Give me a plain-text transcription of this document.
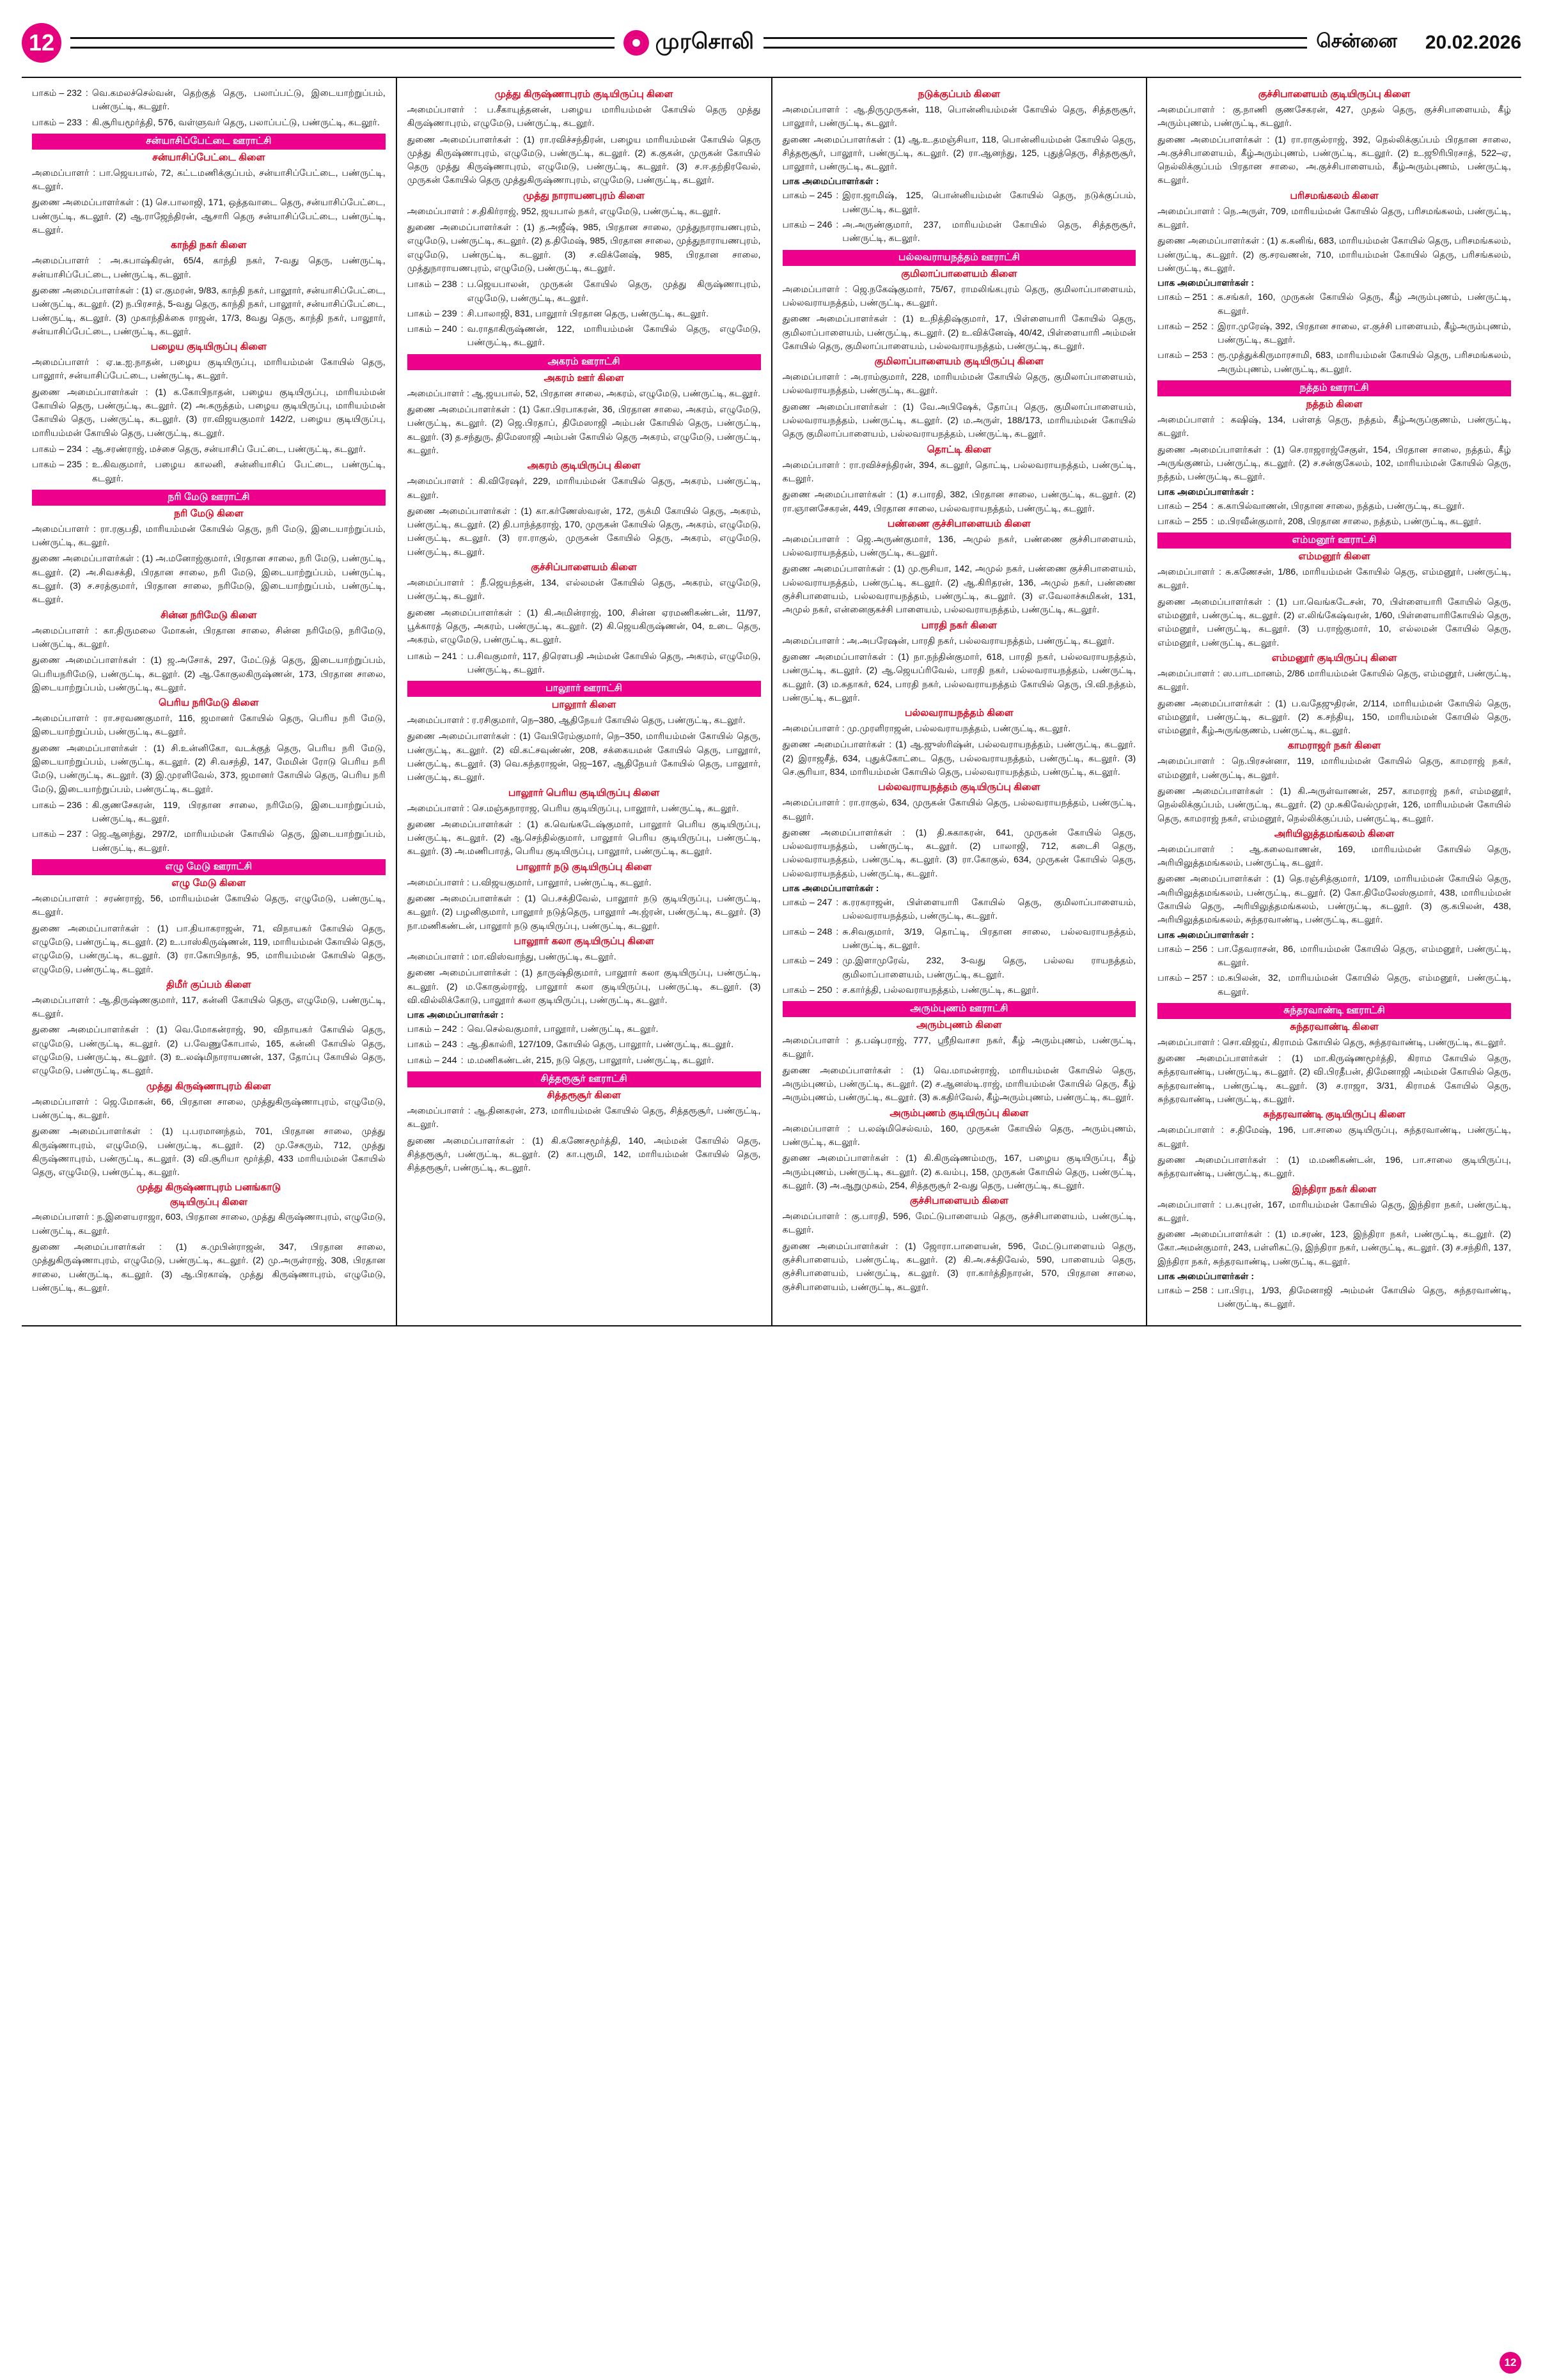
12	முரசொலி	சென்னை 20.02.2026
பாகம் – 232 : வெ.கமலச்செல்வன், தெற்குத் தெரு, பலாப்பட்டு, இடையாற்றுப்பம், பண்ருட்டி, கடலூர்.
பாகம் – 233 : கி.சூரியமூர்த்தி, 576, வள்ளுவர் தெரு, பலாப்பட்டு, பண்ருட்டி, கடலூர்.
சன்யாசிப்பேட்டை ஊராட்சி
சன்யாசிப்பேட்டை கிளை

அமைப்பாளர் : பா.ஜெயபால், 72, கட்டமணிக்குப்பம், சன்யாசிப்பேட்டை, பண்ருட்டி, கடலூர்.

துணை அமைப்பாளர்கள் : (1) செ.பாலாஜி, 171, ஒத்தவாடை தெரு, சன்யாசிப்பேட்டை, பண்ருட்டி, கடலூர். (2) ஆ.ராஜேந்திரன், ஆசாரி தெரு சன்யாசிப்பேட்டை, பண்ருட்டி, கடலூர்.

காந்தி நகர் கிளை

அமைப்பாளர் : அ.சுபாஷ்கிரன், 65/4, காந்தி நகர், 7-வது தெரு, பண்ருட்டி, சன்யாசிப்பேட்டை, பண்ருட்டி, கடலூர்.

துணை அமைப்பாளர்கள் : (1) எ.குமரன், 9/83, காந்தி நகர், பாலூார், சன்யாசிப்பேட்டை, பண்ருட்டி, கடலூர். (2) ந.பிரசாத், 5-வது தெரு, காந்தி நகர், பாலூார், சன்யாசிப்பேட்டை, பண்ருட்டி, கடலூர். (3) முகாந்திக்கை ராஜன், 17/3, 8வது தெரு, காந்தி நகர், பாலூார், சன்யாசிப்பேட்டை, பண்ருட்டி, கடலூர்.

பழைய குடியிருப்பு கிளை

அமைப்பாளர் : ஏ.டீ.ஐ.நாதன், பழைய குடியிருப்பு, மாரியம்மன் கோயில் தெரு, பாலூார், சன்யாசிப்பேட்டை, பண்ருட்டி, கடலூர்.

துணை அமைப்பாளர்கள் : (1) க.கோபிநாதன், பழைய குடியிருப்பு, மாரியம்மன் கோயில் தெரு, பண்ருட்டி, கடலூர். (2) அ.கருத்தம், பழைய குடியிருப்பு, மாரியம்மன் கோயில் தெரு, பண்ருட்டி, கடலூர். (3) ரா.விஜயகுமார் 142/2, பழைய குடியிருப்பு, மாரியம்மன் கோயில் தெரு, பண்ருட்டி, கடலூர்.

பாகம் – 234 : ஆ.சரண்ராஜ், மச்சை தெரு, சன்யாசிப் பேட்டை, பண்ருட்டி, கடலூர்.
பாகம் – 235 : உ.கிவகுமார், பழைய காலனி, சன்னியாசிப் பேட்டை, பண்ருட்டி, கடலூர்.
நரி மேடு ஊராட்சி
நரி மேடு கிளை

அமைப்பாளர் : ரா.ரகுபதி, மாரியம்மன் கோயில் தெரு, நரி மேடு, இடையாற்றுப்பம், பண்ருட்டி, கடலூர்.

துணை அமைப்பாளர்கள் : (1) அ.மனோஜ்குமார், பிரதான சாலை, நரி மேடு, பண்ருட்டி, கடலூர். (2) அ.சிவசக்தி, பிரதான சாலை, நரி மேடு, இடையாற்றுப்பம், பண்ருட்டி, கடலூர். (3) ச.சரத்குமார், பிரதான சாலை, நரிமேடு, இடையாற்றுப்பம், பண்ருட்டி, கடலூர்.

சின்ன நரிமேடு கிளை

அமைப்பாளர் : கா.திருமலை மோகன், பிரதான சாலை, சின்ன நரிமேடு, நரிமேடு, பண்ருட்டி, கடலூர்.

துணை அமைப்பாளர்கள் : (1) ஜ.அசோக், 297, மேட்டுத் தெரு, இடையாற்றுப்பம், பெரியநரிமேடு, பண்ருட்டி, கடலூர். (2) ஆ.கோகுலகிருஷ்ணன், 173, பிரதான சாலை, இடையாற்றுப்பம், பண்ருட்டி, கடலூர்.

பெரிய நரிமேடு கிளை

அமைப்பாளர் : ரா.சரவணகுமார், 116, ஜமானர் கோயில் தெரு, பெரிய நரி மேடு, இடையாற்றுப்பம், பண்ருட்டி, கடலூர்.

துணை அமைப்பாளர்கள் : (1) சி.உன்னிகோ, வடக்குத் தெரு, பெரிய நரி மேடு, இடையாற்றுப்பம், பண்ருட்டி, கடலூர். (2) சி.வசந்தி, 147, மேமின் ரோடு பெரிய நரி மேடு, பண்ருட்டி, கடலூர். (3) இ.முரளிவேல், 373, ஜமானர் கோயில் தெரு, பெரிய நரி மேடு, இடையாற்றுப்பம், பண்ருட்டி, கடலூர்.

பாகம் – 236 : கி.குணசேகரன், 119, பிரதான சாலை, நரிமேடு, இடையாற்றுப்பம், பண்ருட்டி, கடலூர்.
பாகம் – 237 : ஜெ.ஆனந்து, 297/2, மாரியம்மன் கோயில் தெரு, இடையாற்றுப்பம், பண்ருட்டி, கடலூர்.
எழு மேடு ஊராட்சி
எழு மேடு கிளை

அமைப்பாளர் : சரண்ராஜ், 56, மாரியம்மன் கோயில் தெரு, எழுமேடு, பண்ருட்டி, கடலூர்.

துணை அமைப்பாளர்கள் : (1) பா.தியாகராஜன், 71, விநாயகர் கோயில் தெரு, எழுமேடு, பண்ருட்டி, கடலூர். (2) உ.பாஸ்கிருஷ்ணன், 119, மாரியம்மன் கோயில் தெரு, எழுமேடு, பண்ருட்டி, கடலூர். (3) ரா.கோபிநாத், 95, மாரியம்மன் கோயில் தெரு, எழுமேடு, பண்ருட்டி, கடலூர்.

திமீர் குப்பம் கிளை

அமைப்பாளர் : ஆ.திருஷ்ணகுமார், 117, கன்னி கோயில் தெரு, எழுமேடு, பண்ருட்டி, கடலூர்.

துணை அமைப்பாளர்கள் : (1) வெ.மோகன்ராஜ், 90, விநாயகர் கோயில் தெரு, எழுமேடு, பண்ருட்டி, கடலூர். (2) ப.வேணுகோபால், 165, கன்னி கோயில் தெரு, எழுமேடு, பண்ருட்டி, கடலூர். (3) உ.லஷ்மிநாராயணன், 137, தோப்பு கோயில் தெரு, எழுமேடு, பண்ருட்டி, கடலூர்.

முத்து கிருஷ்ணாபுரம் கிளை

அமைப்பாளர் : ஜெ.மோகன், 66, பிரதான சாலை, முத்துகிருஷ்ணாபுரம், எழுமேடு, பண்ருட்டி, கடலூர்.

துணை அமைப்பாளர்கள் : (1) பு.பரமானந்தம், 701, பிரதான சாலை, முத்து கிருஷ்ணாபுரம், எழுமேடு, பண்ருட்டி, கடலூர். (2) மு.சேகரும், 712, முத்து கிருஷ்ணாபுரம், பண்ருட்டி, கடலூர். (3) வி.சூரியா மூர்த்தி, 433 மாரியம்மன் கோயில் தெரு, எழுமேடு, பண்ருட்டி, கடலூர்.

முத்து கிருஷ்ணாபுரம் பனங்காடு
குடியிருப்பு கிளை

அமைப்பாளர் : ந.இளையராஜா, 603, பிரதான சாலை, முத்து கிருஷ்ணாபுரம், எழுமேடு, பண்ருட்டி, கடலூர்.

துணை அமைப்பாளர்கள் : (1) சு.முபின்ராஜன், 347, பிரதான சாலை, முத்துகிருஷ்ணாபுரம், எழுமேடு, பண்ருட்டி, கடலூர். (2) மு.அருள்ராஜ், 308, பிரதான சாலை, பண்ருட்டி, கடலூர். (3) ஆ.பிரகாஷ், முத்து கிருஷ்ணாபுரம், எழுமேடு, பண்ருட்டி, கடலூர்.

முத்து கிருஷ்ணாபுரம் குடியிருப்பு கிளை

அமைப்பாளர் : ப.சீகாயுத்தனன், பழைய மாரியம்மன் கோயில் தெரு முத்து கிருஷ்ணாபுரம், எழுமேடு, பண்ருட்டி, கடலூர்.

துணை அமைப்பாளர்கள் : (1) ரா.ரவிச்சந்திரன், பழைய மாரியம்மன் கோயில் தெரு முத்து கிருஷ்ணாபுரம், எழுமேடு, பண்ருட்டி, கடலூர். (2) க.குகன், முருகன் கோயில் தெரு முத்து கிருஷ்ணாபுரம், எழுமேடு, பண்ருட்டி, கடலூர். (3) ச.ஈ.தற்திரவேல், முருகன் கோயில் தெரு முத்துகிருஷ்ணாபுரம், எழுமேடு, பண்ருட்டி, கடலூர்.

முத்து நாராயணபுரம் கிளை

அமைப்பாளர் : ச.திகிர்ராஜ், 952, ஜயபால் நகர், எழுமேடு, பண்ருட்டி, கடலூர்.

துணை அமைப்பாளர்கள் : (1) த.அஜீஷ், 985, பிரதான சாலை, முத்துநாராயணபுரம், எழுமேடு, பண்ருட்டி, கடலூர். (2) த.திமேஷ், 985, பிரதான சாலை, முத்துநாராயணபுரம், எழுமேடு, பண்ருட்டி, கடலூர். (3) ச.விக்னேஷ், 985, பிரதான சாலை, முத்துநாராயணபுரம், எழுமேடு, பண்ருட்டி, கடலூர்.

பாகம் – 238 : ப.ஜெயபாலன், முருகன் கோயில் தெரு, முத்து கிருஷ்ணாபுரம், எழுமேடு, பண்ருட்டி, கடலூர்.
பாகம் – 239 : சி.பாலாஜி, 831, பாலூார் பிரதான தெரு, பண்ருட்டி, கடலூர்.
பாகம் – 240 : வ.ராதாகிருஷ்ணன், 122, மாரியம்மன் கோயில் தெரு, எழுமேடு, பண்ருட்டி, கடலூர்.
அகரம் ஊராட்சி
அகரம் ஊர் கிளை

அமைப்பாளர் : ஆ.ஜயபால், 52, பிரதான சாலை, அகரம், எழுமேடு, பண்ருட்டி, கடலூர்.

துணை அமைப்பாளர்கள் : (1) கோ.பிரபாகரன், 36, பிரதான சாலை, அகரம், எழுமேடு, பண்ருட்டி, கடலூர். (2) ஜெ.பிரதாப், திமேஸாஜி அம்பன் கோயில் தெரு, பண்ருட்டி, கடலூர். (3) த.சந்துரு, திமேஸாஜி அம்பன் கோயில் தெரு அகரம், எழுமேடு, பண்ருட்டி, கடலூர்.

அகரம் குடியிருப்பு கிளை

அமைப்பாளர் : கி.விரேஷர், 229, மாரியம்மன் கோயில் தெரு, அகரம், பண்ருட்டி, கடலூர்.

துணை அமைப்பாளர்கள் : (1) கா.கர்ணேஸ்வரன், 172, ருக்மி கோயில் தெரு, அகரம், பண்ருட்டி, கடலூர். (2) தி.பாந்த்தராஜ், 170, முருகன் கோயில் தெரு, அகரம், எழுமேடு, பண்ருட்டி, கடலூர். (3) ரா.ராகுல், முருகன் கோயில் தெரு, அகரம், எழுமேடு, பண்ருட்டி, கடலூர்.

குச்சிப்பாளையம் கிளை

அமைப்பாளர் : நீ.ஜெயந்தன், 134, எல்லமன் கோயில் தெரு, அகரம், எழுமேடு, பண்ருட்டி, கடலூர்.

துணை அமைப்பாளர்கள் : (1) கி.அமின்ராஜ், 100, சின்ன ஏரமணிகண்டன், 11/97, பூக்காரத் தெரு, அகரம், பண்ருட்டி, கடலூர். (2) கி.ஜெயகிருஷ்ணன், 04, உடை தெரு, அகரம், எழுமேடு, பண்ருட்டி, கடலூர்.

பாகம் – 241 : ப.சிவகுமார், 117, திரௌபதி அம்மன் கோயில் தெரு, அகரம், எழுமேடு, பண்ருட்டி, கடலூர்.
பாலூார் ஊராட்சி
பாலூார் கிளை

அமைப்பாளர் : ர.ரசிகுமார், நெ–380, ஆதிநேயர் கோயில் தெரு, பண்ருட்டி, கடலூர்.

துணை அமைப்பாளர்கள் : (1) வேபிரேம்குமார், நெ–350, மாரியம்மன் கோயில் தெரு, பண்ருட்டி, கடலூர். (2) வி.கட்சவுண்ண், 208, சக்கையமன் கோயில் தெரு, பாலூார், பண்ருட்டி, கடலூர். (3) வெ.கந்தராஜன், ஜெ–167, ஆதிநேயர் கோயில் தெரு, பாலூார், பண்ருட்டி, கடலூர்.

பாலூார் பெரிய குடியிருப்பு கிளை

அமைப்பாளர் : செ.மஞ்சுநாராஜ, பெரிய குடியிருப்பு, பாலூார், பண்ருட்டி, கடலூர்.

துணை அமைப்பாளர்கள் : (1) க.வெங்கடேஷ்குமார், பாலூார் பெரிய குடியிருப்பு, பண்ருட்டி, கடலூர். (2) ஆ.செந்தில்குமார், பாலூார் பெரிய குடியிருப்பு, பண்ருட்டி, கடலூர். (3) அ.மணிபாரத், பெரிய குடியிருப்பு, பாலூார், பண்ருட்டி, கடலூர்.

பாலூார் நடு குடியிருப்பு கிளை

அமைப்பாளர் : ப.விஜயகுமார், பாலூார், பண்ருட்டி, கடலூர்.

துணை அமைப்பாளர்கள் : (1) பெ.சக்திவேல், பாலூார் நடு குடியிருப்பு, பண்ருட்டி, கடலூர். (2) பழனிகுமார், பாலூார் நடுத்தெரு, பாலூார் அ.ஜ்ரன், பண்ருட்டி, கடலூர். (3) நா.மணிகண்டன், பாலூார் நடு குடியிருப்பு, பண்ருட்டி, கடலூர்.

பாலூார் கலா குடியிருப்பு கிளை

அமைப்பாளர் : மா.விஸ்வாந்து, பண்ருட்டி, கடலூர்.

துணை அமைப்பாளர்கள் : (1) தாருஷ்திகுமார், பாலூார் கலா குடியிருப்பு, பண்ருட்டி, கடலூர். (2) ம.கோகுல்ராஜ், பாலூார் கலா குடியிருப்பு, பண்ருட்டி, கடலூர். (3) வி.வில்லிக்கோடு, பாலூார் கலா குடியிருப்பு, பண்ருட்டி, கடலூர்.

பாக அமைப்பாளர்கள் :
பாகம் – 242 : வெ.செல்வகுமார், பாலூார், பண்ருட்டி, கடலூர்.
பாகம் – 243 : ஆ.திகால்ரி, 127/109, கோயில் தெரு, பாலூார், பண்ருட்டி, கடலூர்.
பாகம் – 244 : ம.மணிகண்டன், 215, நடு தெரு, பாலூார், பண்ருட்டி, கடலூர்.
சித்தரூசூர் ஊராட்சி
சித்தரூசூர் கிளை

அமைப்பாளர் : ஆ.தினகரன், 273, மாரியம்மன் கோயில் தெரு, சித்தரூசூர், பண்ருட்டி, கடலூர்.

துணை அமைப்பாளர்கள் : (1) கி.கணேசமூர்த்தி, 140, அம்மன் கோயில் தெரு, சித்தரூசூர், பண்ருட்டி, கடலூர். (2) கா.புரூமி, 142, மாரியம்மன் கோயில் தெரு, சித்தரூசூர், பண்ருட்டி, கடலூர்.

நடுக்குப்பம் கிளை

அமைப்பாளர் : ஆ.திருமுருகன், 118, பொன்னியம்மன் கோயில் தெரு, சித்தரூசூர், பாலூார், பண்ருட்டி, கடலூர்.

துணை அமைப்பாளர்கள் : (1) ஆ.உ.தமஞ்சியா, 118, பொன்னியம்மன் கோயில் தெரு, சித்தரூசூர், பாலூார், பண்ருட்டி, கடலூர். (2) ரா.ஆனந்து, 125, புதுத்தெரு, சித்தரூசூர், பாலூார், பண்ருட்டி, கடலூர்.

பாக அமைப்பாளர்கள் :
பாகம் – 245 : இரா.ஜாமிஷ், 125, பொன்னியம்மன் கோயில் தெரு, நடுக்குப்பம், பண்ருட்டி, கடலூர்.
பாகம் – 246 : அ.அருண்குமார், 237, மாரியம்மன் கோயில் தெரு, சித்தரூசூர், பண்ருட்டி, கடலூர்.
பல்லவராயநத்தம் ஊராட்சி
குமிலாப்பாளையம் கிளை

அமைப்பாளர் : ஜெ.நகேஷ்குமார், 75/67, ராமலிங்கபுரம் தெரு, குமிலாப்பாளையம், பல்லவராயநத்தம், பண்ருட்டி, கடலூர்.

துணை அமைப்பாளர்கள் : (1) உ.நித்திஷ்குமார், 17, பிள்ளையாரி கோயில் தெரு, குமிலாப்பாளையம், பண்ருட்டி, கடலூர். (2) உ.விக்னேஷ், 40/42, பிள்ளையாரி அம்மன் கோயில் தெரு, குமிலாப்பாளையம், பல்லவராயநத்தம், பண்ருட்டி, கடலூர்.

குமிலாப்பாளையம் குடியிருப்பு கிளை

அமைப்பாளர் : அ.ராம்குமார், 228, மாரியம்மன் கோயில் தெரு, குமிலாப்பாளையம், பல்லவராயநத்தம், பண்ருட்டி, கடலூர்.

துணை அமைப்பாளர்கள் : (1) வே.அபிஷேக், தோப்பு தெரு, குமிலாப்பாளையம், பல்லவராயநத்தம், பண்ருட்டி, கடலூர். (2) ம.அருள், 188/173, மாரியம்மன் கோயில் தெரு குமிலாப்பாளையம், பல்லவராயநத்தம், பண்ருட்டி, கடலூர்.

தொட்டி கிளை

அமைப்பாளர் : ரா.ரவிச்சந்திரன், 394, கடலூர், தொட்டி, பல்லவராயநத்தம், பண்ருட்டி, கடலூர்.

துணை அமைப்பாளர்கள் : (1) ச.பாரதி, 382, பிரதான சாலை, பண்ருட்டி, கடலூர். (2) ரா.ஞானசேகரன், 449, பிரதான சாலை, பல்லவராயநத்தம், பண்ருட்டி, கடலூர்.

பண்ணை குச்சிபாளையம் கிளை

அமைப்பாளர் : ஜெ.அருண்குமார், 136, அமுல் நகர், பண்ணை குச்சிபாளையம், பல்லவராயநத்தம், பண்ருட்டி, கடலூர்.

துணை அமைப்பாளர்கள் : (1) மு.ரூசியா, 142, அமுல் நகர், பண்ணை குச்சிபாளையம், பல்லவராயநத்தம், பண்ருட்டி, கடலூர். (2) ஆ.கிரிதரன், 136, அமுல் நகர், பண்ணை குச்சிபாளையம், பல்லவராயநத்தம், பண்ருட்டி, கடலூர். (3) எ.வேலாச்சுமிகன், 131, அமுல் நகர், என்னைகுகச்சி பாளையம், பல்லவராயநத்தம், பண்ருட்டி, கடலூர்.

பாரதி நகர் கிளை

அமைப்பாளர் : அ.அபரேஷன், பாரதி நகர், பல்லவராயநத்தம், பண்ருட்டி, கடலூர்.

துணை அமைப்பாளர்கள் : (1) நா.நந்தின்குமார், 618, பாரதி நகர், பல்லவராயநத்தம், பண்ருட்டி, கடலூர். (2) ஆ.ஜெயப்ரிவேல், பாரதி நகர், பல்லவராயநத்தம், பண்ருட்டி, கடலூர். (3) ம.சுதாகர், 624, பாரதி நகர், பல்லவராயநத்தம் கோயில் தெரு, பி.வி.நத்தம், பண்ருட்டி, கடலூர்.

பல்லவராயநத்தம் கிளை

அமைப்பாளர் : மு.முரளிராஜன், பல்லவராயநத்தம், பண்ருட்டி, கடலூர்.

துணை அமைப்பாளர்கள் : (1) ஆ.ஜுஸ்ரிஷ்ன், பல்லவராயநத்தம், பண்ருட்டி, கடலூர். (2) இராஜசீத், 634, புதுக்கோட்டை தெரு, பல்லவராயநத்தம், பண்ருட்டி, கடலூர். (3) செ.சூரியா, 834, மாரியம்மன் கோயில் தெரு, பல்லவராயநத்தம், பண்ருட்டி, கடலூர்.

பல்லவராயநத்தம் குடியிருப்பு கிளை

அமைப்பாளர் : ரா.ராகுல், 634, முருகன் கோயில் தெரு, பல்லவராயநத்தம், பண்ருட்டி, கடலூர்.

துணை அமைப்பாளர்கள் : (1) தி.சுகாகரன், 641, முருகன் கோயில் தெரு, பல்லவராயநத்தம், பண்ருட்டி, கடலூர். (2) பாலாஜி, 712, கடைசி தெரு, பல்லவராயநத்தம், பண்ருட்டி, கடலூர். (3) ரா.கோகுல், 634, முருகன் கோயில் தெரு, பல்லவராயநத்தம், பண்ருட்டி, கடலூர்.

பாக அமைப்பாளர்கள் :
பாகம் – 247 : க.ரரகராஜன், பிள்ளையாரி கோயில் தெரு, குமிலாப்பாளையம், பல்லவராயநத்தம், பண்ருட்டி, கடலூர்.
பாகம் – 248 : சு.சிவகுமார், 3/19, தொட்டி, பிரதான சாலை, பல்லவராயநத்தம், பண்ருட்டி, கடலூர்.
பாகம் – 249 : மு.இளாமுரேவ், 232, 3-வது தெரு, பல்லவ ராயநத்தம், குமிலாப்பாளையம், பண்ருட்டி, கடலூர்.
பாகம் – 250 : ச.கார்த்தி, பல்லவராயநத்தம், பண்ருட்டி, கடலூர்.
அரும்புணம் ஊராட்சி
அரும்புணம் கிளை

அமைப்பாளர் : த.பஷ்பராஜ், 777, ஸ்ரீநிவாசா நகர், கீழ் அரும்புணம், பண்ருட்டி, கடலூர்.

துணை அமைப்பாளர்கள் : (1) வெ.மாமன்ராஜ், மாரியம்மன் கோயில் தெரு, அரும்புணம், பண்ருட்டி, கடலூர். (2) ச.ஆனஸ்டி.ராஜ், மாரியம்மன் கோயில் தெரு, கீழ் அரும்புணம், பண்ருட்டி, கடலூர். (3) சு.கதிர்வேல், கீழ்அரும்புணம், பண்ருட்டி, கடலூர்.

அரும்புணம் குடியிருப்பு கிளை

அமைப்பாளர் : ப.லஷ்மிசெல்வம், 160, முருகன் கோயில் தெரு, அரும்புணம், பண்ருட்டி, கடலூர்.

துணை அமைப்பாளர்கள் : (1) கி.கிருஷ்ணம்மரு, 167, பழைய குடியிருப்பு, கீழ் அரும்புணம், பண்ருட்டி, கடலூர். (2) க.வம்பு, 158, முருகன் கோயில் தெரு, பண்ருட்டி, கடலூர். (3) அ.ஆறுமுகம், 254, சித்தரூசூர் 2-வது தெரு, பண்ருட்டி, கடலூர்.

குச்சிபாளையம் கிளை

அமைப்பாளர் : கு.பாரதி, 596, மேட்டுபாளையம் தெரு, குச்சிபாளையம், பண்ருட்டி, கடலூர்.

துணை அமைப்பாளர்கள் : (1) ஜோரா.பாளையன், 596, மேட்டுபாளையம் தெரு, குச்சிபாளையம், பண்ருட்டி, கடலூர். (2) கி.அ.சக்திவேல், 590, பாளையம் தெரு, குச்சிபாளையம், பண்ருட்டி, கடலூர். (3) ரா.கார்த்திநாரன், 570, பிரதான சாலை, குச்சிபாளையம், பண்ருட்டி, கடலூர்.

குச்சிபாளையம் குடியிருப்பு கிளை

அமைப்பாளர் : கு.நாணி குணசேகரன், 427, முதல் தெரு, குச்சிபாளையம், கீழ் அரும்புணம், பண்ருட்டி, கடலூர்.

துணை அமைப்பாளர்கள் : (1) ரா.ராகுல்ராஜ், 392, நெல்லிக்குப்பம் பிரதான சாலை, அ.குச்சிபாளையம், கீழ்அரும்புணம், பண்ருட்டி, கடலூர். (2) உ.ஜூரிபிரசாத், 522–ஏ, நெல்லிக்குப்பம் பிரதான சாலை, அ.குச்சிபாளையம், கீழ்அரும்புணம், பண்ருட்டி, கடலூர்.

பரிசமங்கலம் கிளை

அமைப்பாளர் : நெ.அருள், 709, மாரியம்மன் கோயில் தெரு, பரிசமங்கலம், பண்ருட்டி, கடலூர்.

துணை அமைப்பாளர்கள் : (1) க.கனிங், 683, மாரியம்மன் கோயில் தெரு, பரிசமங்கலம், பண்ருட்டி, கடலூர். (2) கு.சரவணன், 710, மாரியம்மன் கோயில் தெரு, பரிசங்கலம், பண்ருட்டி, கடலூர்.

பாக அமைப்பாளர்கள் :
பாகம் – 251 : க.சங்கர், 160, முருகன் கோயில் தெரு, கீழ் அரும்புணம், பண்ருட்டி, கடலூர்.
பாகம் – 252 : இரா.முரேஷ், 392, பிரதான சாலை, எ.குச்சி பாளையம், கீழ்அரும்புணம், பண்ருட்டி, கடலூர்.
பாகம் – 253 : ரூ.முத்துக்கிருமாரசாமி, 683, மாரியம்மன் கோயில் தெரு, பரிசமங்கலம், அரும்புணம், பண்ருட்டி, கடலூர்.
நத்தம் ஊராட்சி
நத்தம் கிளை

அமைப்பாளர் : கஷிஷ், 134, பள்ளத் தெரு, நத்தம், கீழ்அருப்குணம், பண்ருட்டி, கடலூர்.

துணை அமைப்பாளர்கள் : (1) செ.ராஜராஜ்சேகுள், 154, பிரதான சாலை, நத்தம், கீழ் அருங்குணம், பண்ருட்டி, கடலூர். (2) ச.சன்குகேலம், 102, மாரியம்மன் கோயில் தெரு, நத்தம், பண்ருட்டி, கடலூர்.

பாக அமைப்பாளர்கள் :
பாகம் – 254 : க.காபில்வாணன், பிரதான சாலை, நத்தம், பண்ருட்டி, கடலூர்.
பாகம் – 255 : ம.பிரவீன்குமார், 208, பிரதான சாலை, நத்தம், பண்ருட்டி, கடலூர்.
எம்மனூர் ஊராட்சி
எம்மனூர் கிளை

அமைப்பாளர் : சு.கணேசன், 1/86, மாரியம்மன் கோயில் தெரு, எம்மனூர், பண்ருட்டி, கடலூர்.

துணை அமைப்பாளர்கள் : (1) பா.வெங்கடேசன், 70, பிள்ளையாரி கோயில் தெரு, எம்மனூர், பண்ருட்டி, கடலூர். (2) எ.லிங்கேஷ்வரன், 1/60, பிள்ளையாரிகோயில் தெரு, எம்மனூர், பண்ருட்டி, கடலூர். (3) ப.ராஜ்குமார், 10, எல்லமன் கோயில் தெரு, எம்மனூர், பண்ருட்டி, கடலூர்.

எம்மனூர் குடியிருப்பு கிளை

அமைப்பாளர் : ஸ.பாடமானம், 2/86 மாரியம்மன் கோயில் தெரு, எம்மனூர், பண்ருட்டி, கடலூர்.

துணை அமைப்பாளர்கள் : (1) ப.வதேஜுதிரன், 2/114, மாரியம்மன் கோயில் தெரு, எம்மனூர், பண்ருட்டி, கடலூர். (2) க.சந்தியு, 150, மாரியம்மன் கோயில் தெரு, எம்மனூர், கீழ்அருங்குணம், பண்ருட்டி, கடலூர்.

காமராஜர் நகர் கிளை

அமைப்பாளர் : நெ.பிரசன்னா, 119, மாரியம்மன் கோயில் தெரு, காமராஜ் நகர், எம்மனூர், பண்ருட்டி, கடலூர்.

துணை அமைப்பாளர்கள் : (1) கி.அருள்வாணன், 257, காமராஜ் நகர், எம்மனூர், நெல்லிக்குப்பம், பண்ருட்டி, கடலூர். (2) மு.சுகிவேல்முரன், 126, மாரியம்மன் கோயில் தெரு, காமராஜ் நகர், எம்மனூர், நெல்லிக்குப்பம், பண்ருட்டி, கடலூர்.

அரியிலுத்தமங்கலம் கிளை

அமைப்பாளர் : ஆ.கலைவாணன், 169, மாரியம்மன் கோயில் தெரு, அரியிலுத்தமங்கலம், பண்ருட்டி, கடலூர்.

துணை அமைப்பாளர்கள் : (1) தெ.ரஞ்சித்குமார், 1/109, மாரியம்மன் கோயில் தெரு, அரியிலுத்தமங்கலம், பண்ருட்டி, கடலூர். (2) கோ.திமேலேஸ்குமார், 438, மாரியம்மன் கோயில் தெரு, அரியிலுத்தமங்கலம், பண்ருட்டி, கடலூர். (3) கு.கபிலன், 438, அரியிலுத்தமங்கலம், சுந்தரவாண்டி, பண்ருட்டி, கடலூர்.

பாக அமைப்பாளர்கள் :
பாகம் – 256 : பா.தேவராசன், 86, மாரியம்மன் கோயில் தெரு, எம்மனூர், பண்ருட்டி, கடலூர்.
பாகம் – 257 : ம.கபிலன், 32, மாரியம்மன் கோயில் தெரு, எம்மனூர், பண்ருட்டி, கடலூர்.
சுந்தரவாண்டி ஊராட்சி
சுந்தரவாண்டி கிளை

அமைப்பாளர் : சொ.விஜய், கிராமம் கோயில் தெரு, சுந்தரவாண்டி, பண்ருட்டி, கடலூர்.

துணை அமைப்பாளர்கள் : (1) மா.கிருஷ்ணமூர்த்தி, கிராம கோயில் தெரு, சுந்தரவாண்டி, பண்ருட்டி, கடலூர். (2) வி.பிரதீபன், திமேனாஜி அம்மன் கோயில் தெரு, சுந்தரவாண்டி, பண்ருட்டி, கடலூர். (3) ச.ராஜா, 3/31, கிராமக் கோயில் தெரு, சுந்தரவாண்டி, பண்ருட்டி, கடலூர்.

சுந்தரவாண்டி குடியிருப்பு கிளை

அமைப்பாளர் : ச.திமேஷ், 196, பா.சாலை குடியிருப்பு, சுந்தரவாண்டி, பண்ருட்டி, கடலூர்.

துணை அமைப்பாளர்கள் : (1) ம.மணிகண்டன், 196, பா.சாலை குடியிருப்பு, சுந்தரவாண்டி, பண்ருட்டி, கடலூர்.

இந்திரா நகர் கிளை

அமைப்பாளர் : ப.சுபுரன், 167, மாரியம்மன் கோயில் தெரு, இந்திரா நகர், பண்ருட்டி, கடலூர்.

துணை அமைப்பாளர்கள் : (1) ம.சரண், 123, இந்திரா நகர், பண்ருட்டி, கடலூர். (2) கோ.அமன்குமார், 243, பள்ளிகட்டு, இந்திரா நகர், பண்ருட்டி, கடலூர். (3) ச.சந்திரி, 137, இந்திரா நகர், சுந்தரவாண்டி, பண்ருட்டி, கடலூர்.

பாக அமைப்பாளர்கள் :
பாகம் – 258 : பா.பிரபு, 1/93, திமேனாஜி அம்மன் கோயில் தெரு, சுந்தரவாண்டி, பண்ருட்டி, கடலூர்.
12
